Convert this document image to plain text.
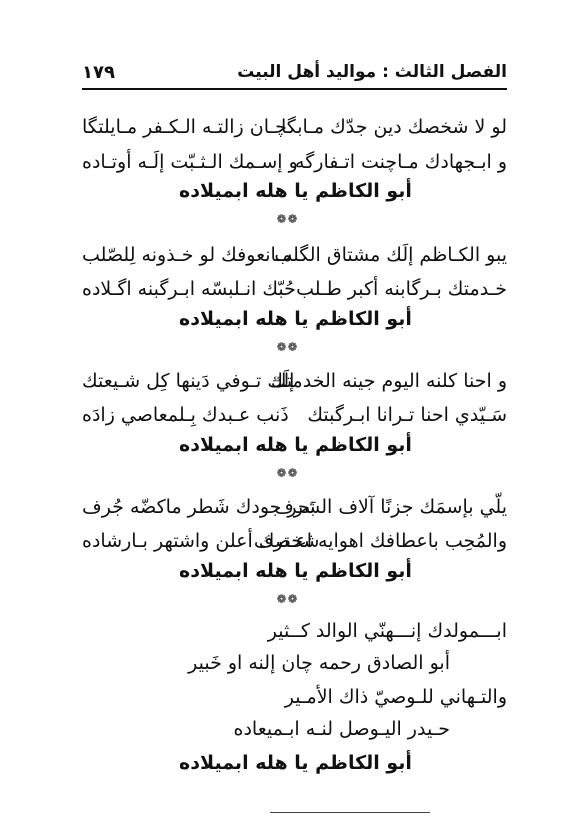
الفصل الثالث : مواليد أهل البيت
١٧٩
لو لا شخصك دين جدّك مـابگا
چـان زالتـه الـكـفر مـايلتگا
و ابـجهادك مـاچنت اتـفارگه
و إسـمك الـثـبّت إلَـه أوتـاده
أبو الكاظم يا هله ابميلاده
❁❁
يبو الكـاظم إلَك مشتاق الگلب
مـانعوفك لو خـذونه لِلصّلب
خـدمتك بـرگابنه أكبر طـلب
حُبّك انـلبسّه ابـرگبنه اگـلاده
أبو الكاظم يا هله ابميلاده
❁❁
و احنا كلنه اليوم جينه الخدمتك
إلَك تـوفي دَينها كِل شـيعتك
سَـيّدي احنا تـرانا ابـرگبتك
ذَنب عـبدك بِـلمعاصي زادَه
أبو الكاظم يا هله ابميلاده
❁❁
يلّي بإسمَك جزنًا آلاف الشرف
بَحر جودك شَطر ماكضّه جُرف
والمُحِب باعطافك اهوايه اعـترف
شخصك أعلن واشتهر بـارشاده
أبو الكاظم يا هله ابميلاده
❁❁
ابـــمولدك إنـــهنّي الوالد كــثير
أبو الصادق رحمه چان إلنه او خَبير
والتـهاني للـوصيّ ذاك الأمـير
حـيدر اليـوصل لنـه ابـميعاده
أبو الكاظم يا هله ابميلاده
